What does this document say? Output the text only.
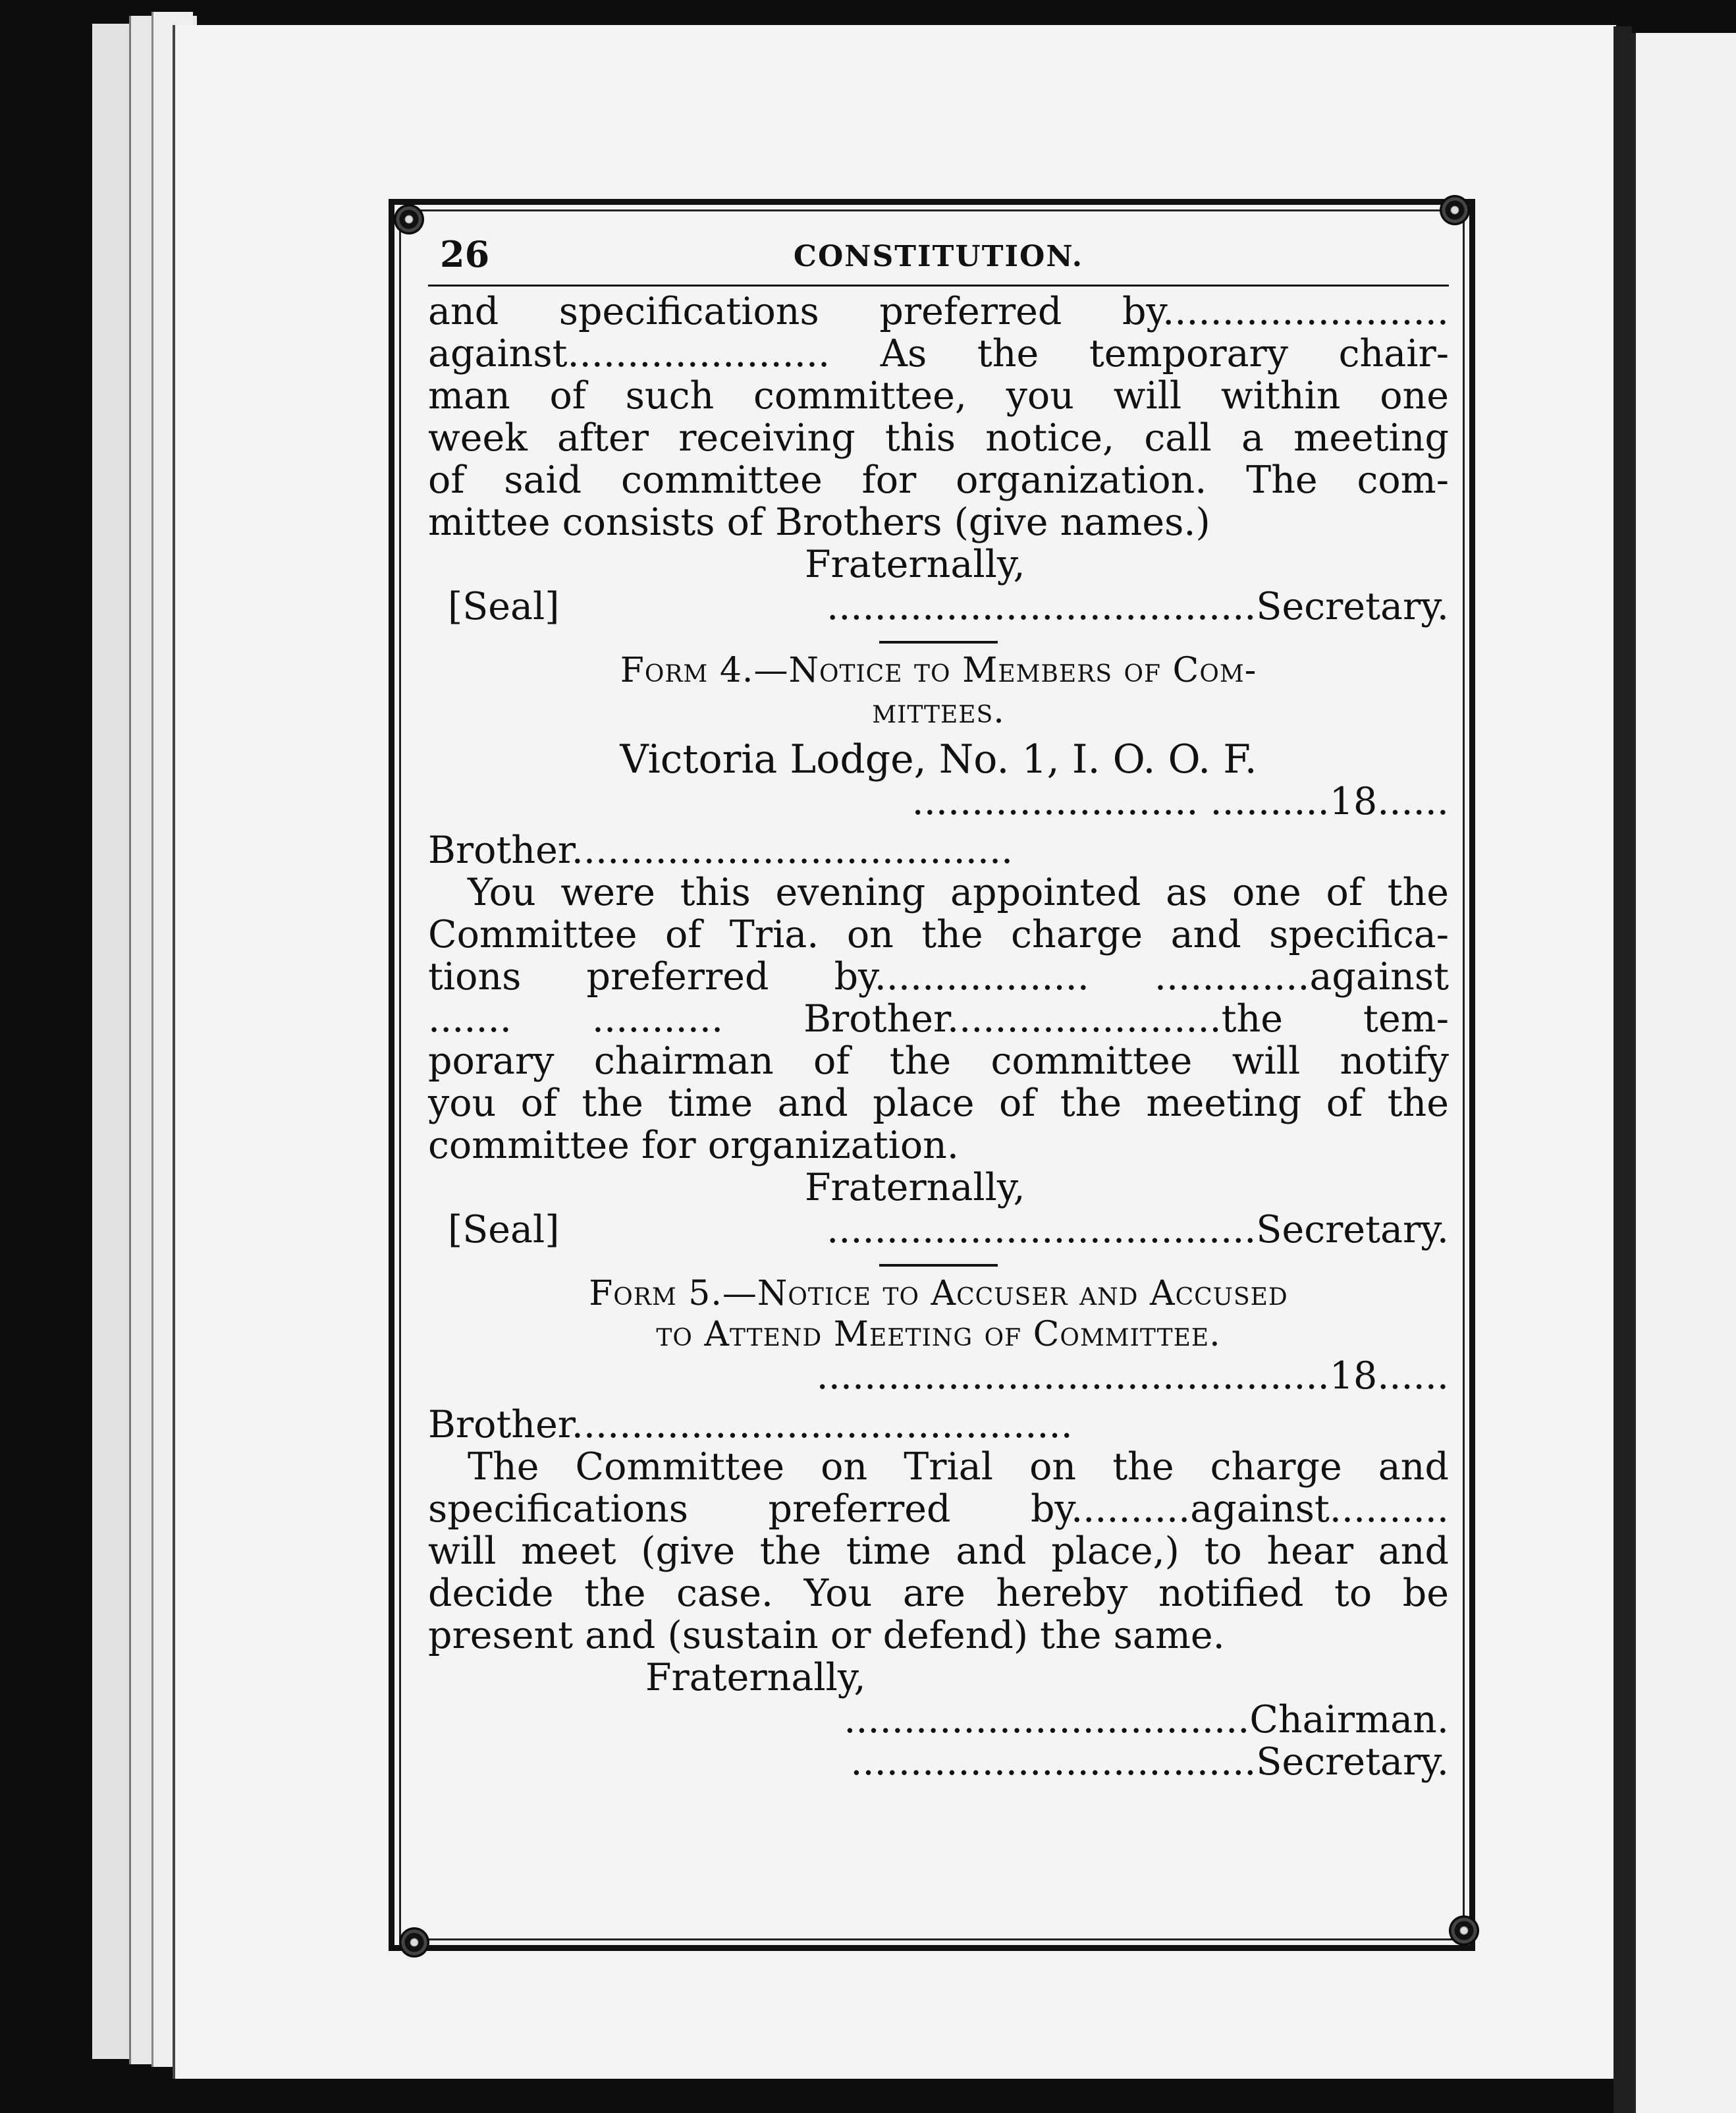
26	CONSTITUTION.
and specifications preferred by........................
against...................... As the temporary chair-
man of such committee, you will within one
week after receiving this notice, call a meeting
of said committee for organization. The com-
mittee consists of Brothers (give names.)
Fraternally,
[Seal]	....................................Secretary.
Form 4.—Notice to Members of Com-
mittees.
Victoria Lodge, No. 1, I. O. O. F.
........................ ..........18......
Brother.....................................
You were this evening appointed as one of the
Committee of Tria. on the charge and specifica-
tions preferred by.................. .............against
....... ........... Brother.......................the tem-
porary chairman of the committee will notify
you of the time and place of the meeting of the
committee for organization.
Fraternally,
[Seal]	....................................Secretary.
Form 5.—Notice to Accuser and Accused
to Attend Meeting of Committee.
...........................................18......
Brother..........................................
The Committee on Trial on the charge and
specifications preferred by..........against..........
will meet (give the time and place,) to hear and
decide the case. You are hereby notified to be
present and (sustain or defend) the same.
Fraternally,
..................................Chairman.
..................................Secretary.
